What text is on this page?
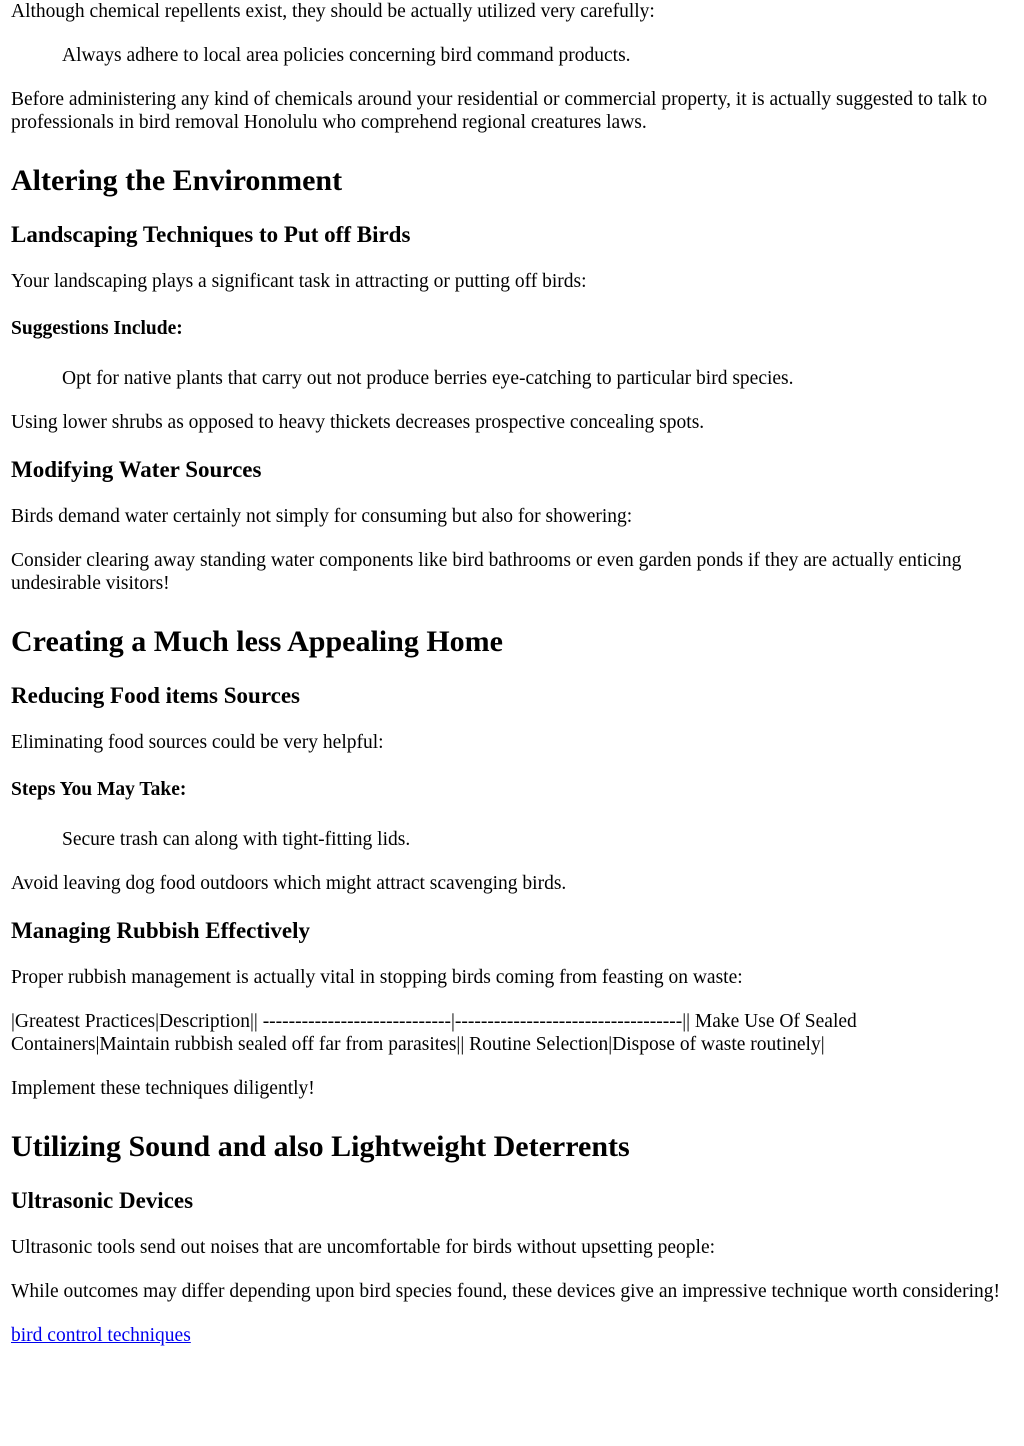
Although chemical repellents exist, they should be actually utilized very carefully:

Always adhere to local area policies concerning bird command products.

Before administering any kind of chemicals around your residential or commercial property, it is actually suggested to talk to professionals in bird removal Honolulu who comprehend regional creatures laws.

Altering the Environment
Landscaping Techniques to Put off Birds

Your landscaping plays a significant task in attracting or putting off birds:

Suggestions Include:
Opt for native plants that carry out not produce berries eye-catching to particular bird species.

Using lower shrubs as opposed to heavy thickets decreases prospective concealing spots.

Modifying Water Sources

Birds demand water certainly not simply for consuming but also for showering:

Consider clearing away standing water components like bird bathrooms or even garden ponds if they are actually enticing undesirable visitors!

Creating a Much less Appealing Home
Reducing Food items Sources

Eliminating food sources could be very helpful:

Steps You May Take:
Secure trash can along with tight-fitting lids.

Avoid leaving dog food outdoors which might attract scavenging birds.

Managing Rubbish Effectively

Proper rubbish management is actually vital in stopping birds coming from feasting on waste:

|Greatest Practices|Description|| -----------------------------|-----------------------------------|| Make Use Of Sealed Containers|Maintain rubbish sealed off far from parasites|| Routine Selection|Dispose of waste routinely|

Implement these techniques diligently!

Utilizing Sound and also Lightweight Deterrents
Ultrasonic Devices

Ultrasonic tools send out noises that are uncomfortable for birds without upsetting people:

While outcomes may differ depending upon bird species found, these devices give an impressive technique worth considering!

bird control techniques
